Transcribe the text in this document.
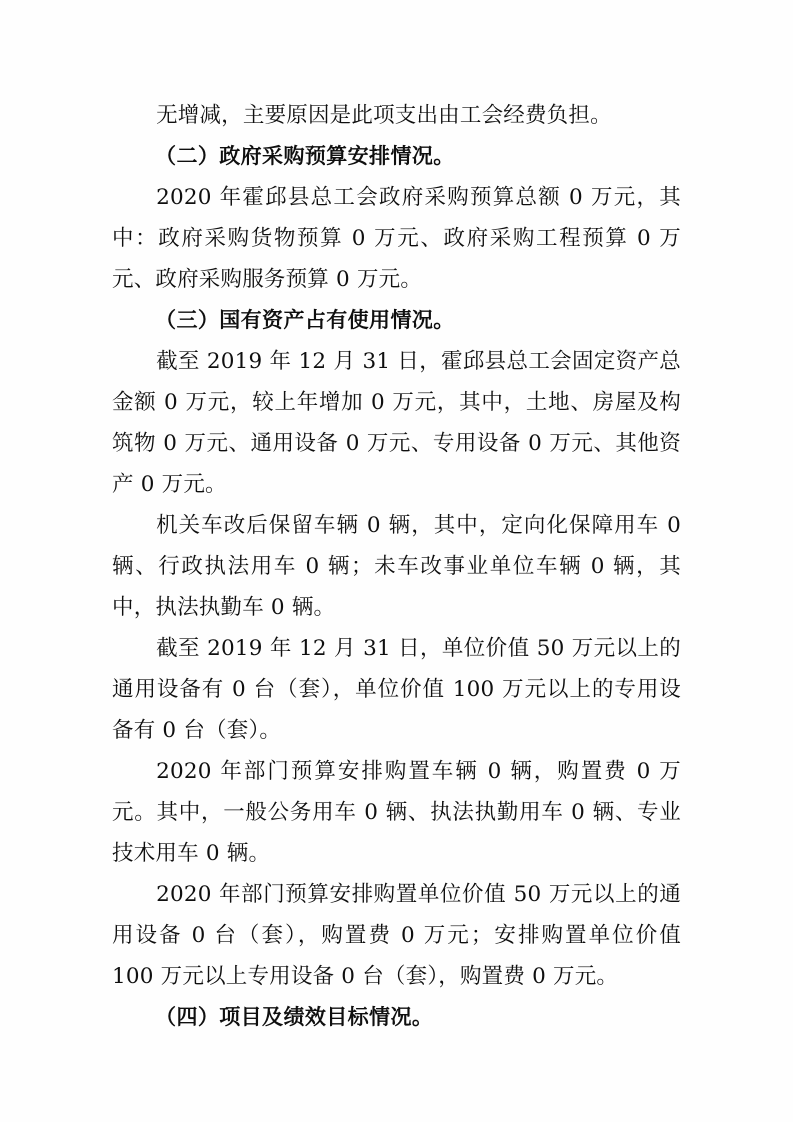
无增减，主要原因是此项支出由工会经费负担。

（二）政府采购预算安排情况。

2020 年霍邱县总工会政府采购预算总额 0 万元，其中：政府采购货物预算 0 万元、政府采购工程预算 0 万元、政府采购服务预算 0 万元。

（三）国有资产占有使用情况。

截至 2019 年 12 月 31 日，霍邱县总工会固定资产总金额 0 万元，较上年增加 0 万元，其中，土地、房屋及构筑物 0 万元、通用设备 0 万元、专用设备 0 万元、其他资产 0 万元。

机关车改后保留车辆 0 辆，其中，定向化保障用车 0 辆、行政执法用车 0 辆；未车改事业单位车辆 0 辆，其中，执法执勤车 0 辆。

截至 2019 年 12 月 31 日，单位价值 50 万元以上的通用设备有 0 台（套），单位价值 100 万元以上的专用设备有 0 台（套）。

2020 年部门预算安排购置车辆 0 辆，购置费 0 万元。其中，一般公务用车 0 辆、执法执勤用车 0 辆、专业技术用车 0 辆。

2020 年部门预算安排购置单位价值 50 万元以上的通用设备 0 台（套），购置费 0 万元；安排购置单位价值 100 万元以上专用设备 0 台（套），购置费 0 万元。

（四）项目及绩效目标情况。
